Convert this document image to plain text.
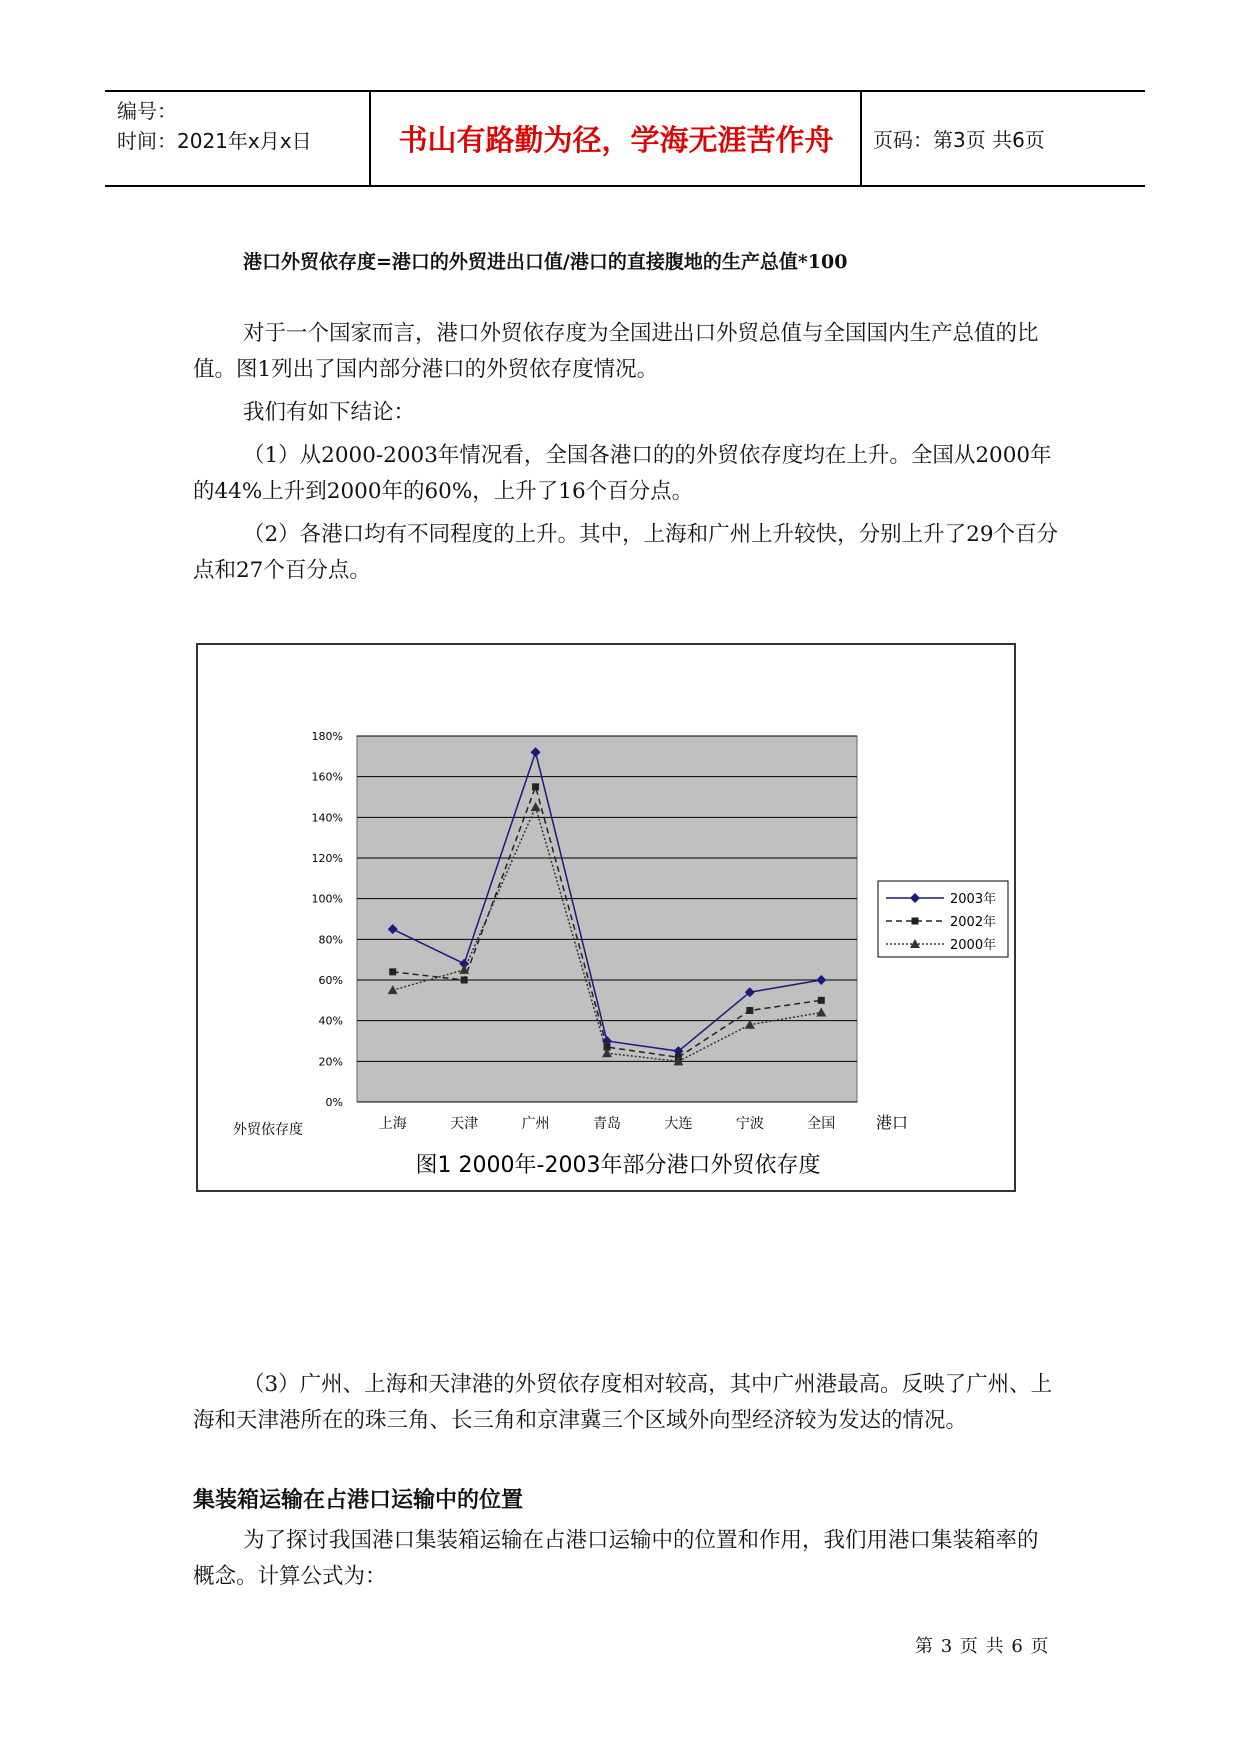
编号：
时间：2021年x月x日	书山有路勤为径，学海无涯苦作舟	页码：第3页 共6页
港口外贸依存度=港口的外贸进出口值/港口的直接腹地的生产总值*100

对于一个国家而言，港口外贸依存度为全国进出口外贸总值与全国国内生产总值的比值。图1列出了国内部分港口的外贸依存度情况。

我们有如下结论：

（1）从2000-2003年情况看，全国各港口的的外贸依存度均在上升。全国从2000年的44%上升到2000年的60%，上升了16个百分点。

（2）各港口均有不同程度的上升。其中，上海和广州上升较快，分别上升了29个百分点和27个百分点。

0%
20%
40%
60%
80%
100%
120%
140%
160%
180%
上海	天津	广州	青岛	大连	宁波	全国
外贸依存度	港口
图1 2000年-2003年部分港口外贸依存度
2003年
2002年
2000年

（3）广州、上海和天津港的外贸依存度相对较高，其中广州港最高。反映了广州、上海和天津港所在的珠三角、长三角和京津冀三个区域外向型经济较为发达的情况。

集装箱运输在占港口运输中的位置

为了探讨我国港口集装箱运输在占港口运输中的位置和作用，我们用港口集装箱率的概念。计算公式为：

第 3 页 共 6 页
